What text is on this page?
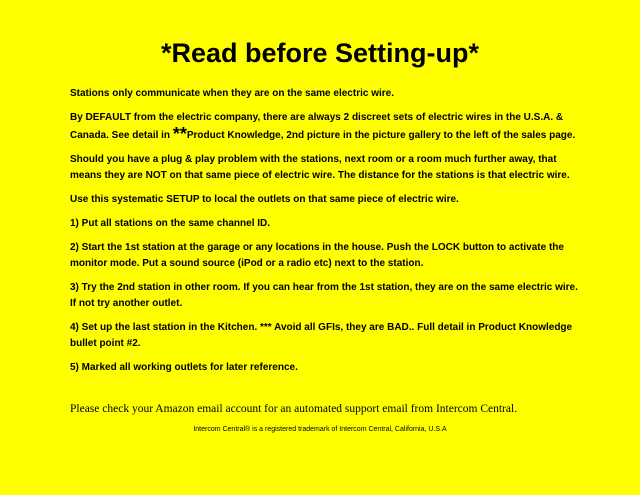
*Read before Setting-up*

Stations only communicate when they are on the same electric wire.

By DEFAULT from the electric company, there are always 2 discreet sets of electric wires in the U.S.A. &
Canada. See detail in **Product Knowledge, 2nd picture in the picture gallery to the left of the sales page.

Should you have a plug & play problem with the stations, next room or a room much further away, that
means they are NOT on that same piece of electric wire. The distance for the stations is that electric wire.

Use this systematic SETUP to local the outlets on that same piece of electric wire.

1) Put all stations on the same channel ID.

2) Start the 1st station at the garage or any locations in the house. Push the LOCK button to activate the
monitor mode. Put a sound source (iPod or a radio etc) next to the station.

3) Try the 2nd station in other room. If you can hear from the 1st station, they are on the same electric wire.
If not try another outlet.

4) Set up the last station in the Kitchen. *** Avoid all GFIs, they are BAD.. Full detail in Product Knowledge
bullet point #2.

5) Marked all working outlets for later reference.

Please check your Amazon email account for an automated support email from Intercom Central.
Intercom Central® is a registered trademark of Intercom Central, California, U.S.A
